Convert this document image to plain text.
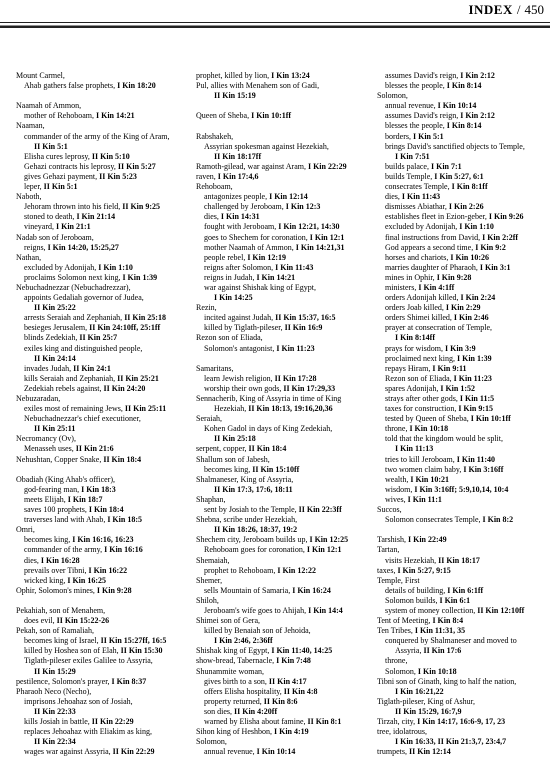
INDEX / 450
Mount Carmel,
Ahab gathers false prophets, I Kin 18:20
Naamah of Ammon,
mother of Rehoboam, I Kin 14:21
Naaman,
commander of the army of the King of Aram,
II Kin 5:1
Elisha cures leprosy, II Kin 5:10
Gehazi contracts his leprosy, II Kin 5:27
gives Gehazi payment, II Kin 5:23
leper, II Kin 5:1
Naboth,
Jehoram thrown into his field, II Kin 9:25
stoned to death, I Kin 21:14
vineyard, I Kin 21:1
Nadab son of Jeroboam,
reigns, I Kin 14:20, 15:25,27
Nathan,
excluded by Adonijah, I Kin 1:10
proclaims Solomon next king, I Kin 1:39
Nebuchadnezzar (Nebuchadrezzar),
appoints Gedaliah governor of Judea,
II Kin 25:22
arrests Seraiah and Zephaniah, II Kin 25:18
besieges Jerusalem, II Kin 24:10ff, 25:1ff
blinds Zedekiah, II Kin 25:7
exiles king and distinguished people,
II Kin 24:14
invades Judah, II Kin 24:1
kills Seraiah and Zephaniah, II Kin 25:21
Zedekiah rebels against, II Kin 24:20
Nebuzaradan,
exiles most of remaining Jews, II Kin 25:11
Nebuchadnezzar's chief executioner,
II Kin 25:11
Necromancy (Ov),
Menasseh uses, II Kin 21:6
Nehushtan, Copper Snake, II Kin 18:4
Obadiah (King Ahab's officer),
god-fearing man, I Kin 18:3
meets Elijah, I Kin 18:7
saves 100 prophets, I Kin 18:4
traverses land with Ahab, I Kin 18:5
Omri,
becomes king, I Kin 16:16, 16:23
commander of the army, I Kin 16:16
dies, I Kin 16:28
prevails over Tibni, I Kin 16:22
wicked king, I Kin 16:25
Ophir, Solomon's mines, I Kin 9:28
Pekahiah, son of Menahem,
does evil, II Kin 15:22-26
Pekah, son of Ramaliah,
becomes king of Israel, II Kin 15:27ff, 16:5
killed by Hoshea son of Elah, II Kin 15:30
Tiglath-pileser exiles Galilee to Assyria,
II Kin 15:29
pestilence, Solomon's prayer, I Kin 8:37
Pharaoh Neco (Necho),
imprisons Jehoahaz son of Josiah,
II Kin 22:33
kills Josiah in battle, II Kin 22:29
replaces Jehoahaz with Eliakim as king,
II Kin 22:34
wages war against Assyria, II Kin 22:29
prophet, killed by lion, I Kin 13:24
Pul, allies with Menahem son of Gadi,
II Kin 15:19
Queen of Sheba, I Kin 10:1ff
Rabshakeh,
Assyrian spokesman against Hezekiah,
II Kin 18:17ff
Ramoth-gilead, war against Aram, I Kin 22:29
raven, I Kin 17:4,6
Rehoboam,
antagonizes people, I Kin 12:14
challenged by Jeroboam, I Kin 12:3
dies, I Kin 14:31
fought with Jeroboam, I Kin 12:21, 14:30
goes to Shechem for coronation, I Kin 12:1
mother Naamah of Ammon, I Kin 14:21,31
people rebel, I Kin 12:19
reigns after Solomon, I Kin 11:43
reigns in Judah, I Kin 14:21
war against Shishak king of Egypt,
I Kin 14:25
Rezin,
incited against Judah, II Kin 15:37, 16:5
killed by Tiglath-pileser, II Kin 16:9
Rezon son of Eliada,
Solomon's antagonist, I Kin 11:23
Samaritans,
learn Jewish religion, II Kin 17:28
worship their own gods, II Kin 17:29,33
Sennacherib, King of Assyria in time of King
Hezekiah, II Kin 18:13, 19:16,20,36
Seraiah,
Kohen Gadol in days of King Zedekiah,
II Kin 25:18
serpent, copper, II Kin 18:4
Shallum son of Jabesh,
becomes king, II Kin 15:10ff
Shalmaneser, King of Assyria,
II Kin 17:3, 17:6, 18:11
Shaphan,
sent by Josiah to the Temple, II Kin 22:3ff
Shebna, scribe under Hezekiah,
II Kin 18:26, 18:37, 19:2
Shechem city, Jeroboam builds up, I Kin 12:25
Rehoboam goes for coronation, I Kin 12:1
Shemaiah,
prophet to Rehoboam, I Kin 12:22
Shemer,
sells Mountain of Samaria, I Kin 16:24
Shiloh,
Jeroboam's wife goes to Ahijah, I Kin 14:4
Shimei son of Gera,
killed by Benaiah son of Jehoida,
I Kin 2:46, 2:36ff
Shishak king of Egypt, I Kin 11:40, 14:25
show-bread, Tabernacle, I Kin 7:48
Shunammite woman,
gives birth to a son, II Kin 4:17
offers Elisha hospitality, II Kin 4:8
property returned, II Kin 8:6
son dies, II Kin 4:20ff
warned by Elisha about famine, II Kin 8:1
Sihon king of Heshbon, I Kin 4:19
Solomon,
annual revenue, I Kin 10:14
assumes David's reign, I Kin 2:12
blesses the people, I Kin 8:14
Solomon,
annual revenue, I Kin 10:14
assumes David's reign, I Kin 2:12
blesses the people, I Kin 8:14
borders, I Kin 5:1
brings David's sanctified objects to Temple,
I Kin 7:51
builds palace, I Kin 7:1
builds Temple, I Kin 5:27, 6:1
consecrates Temple, I Kin 8:1ff
dies, I Kin 11:43
dismisses Abiathar, I Kin 2:26
establishes fleet in Ezion-geber, I Kin 9:26
excluded by Adonijah, I Kin 1:10
final instructions from David, I Kin 2:2ff
God appears a second time, I Kin 9:2
horses and chariots, I Kin 10:26
marries daughter of Pharaoh, I Kin 3:1
mines in Ophir, I Kin 9:28
ministers, I Kin 4:1ff
orders Adonijah killed, I Kin 2:24
orders Joab killed, I Kin 2:29
orders Shimei killed, I Kin 2:46
prayer at consecration of Temple,
I Kin 8:14ff
prays for wisdom, I Kin 3:9
proclaimed next king, I Kin 1:39
repays Hiram, I Kin 9:11
Rezon son of Eliada, I Kin 11:23
spares Adonijah, I Kin 1:52
strays after other gods, I Kin 11:5
taxes for construction, I Kin 9:15
tested by Queen of Sheba, I Kin 10:1ff
throne, I Kin 10:18
told that the kingdom would be split,
I Kin 11:13
tries to kill Jeroboam, I Kin 11:40
two women claim baby, I Kin 3:16ff
wealth, I Kin 10:21
wisdom, I Kin 3:16ff; 5:9,10,14, 10:4
wives, I Kin 11:1
Succos,
Solomon consecrates Temple, I Kin 8:2
Tarshish, I Kin 22:49
Tartan,
visits Hezekiah, II Kin 18:17
taxes, I Kin 5:27, 9:15
Temple, First
details of building, I Kin 6:1ff
Solomon builds, I Kin 6:1
system of money collection, II Kin 12:10ff
Tent of Meeting, I Kin 8:4
Ten Tribes, I Kin 11:31, 35
conquered by Shalmaneser and moved to
Assyria, II Kin 17:6
throne,
Solomon, I Kin 10:18
Tibni son of Ginath, king to half the nation,
I Kin 16:21,22
Tiglath-pileser, King of Ashur,
II Kin 15:29, 16:7,9
Tirzah, city, I Kin 14:17, 16:6-9, 17, 23
tree, idolatrous,
I Kin 16:33, II Kin 21:3,7, 23:4,7
trumpets, II Kin 12:14
